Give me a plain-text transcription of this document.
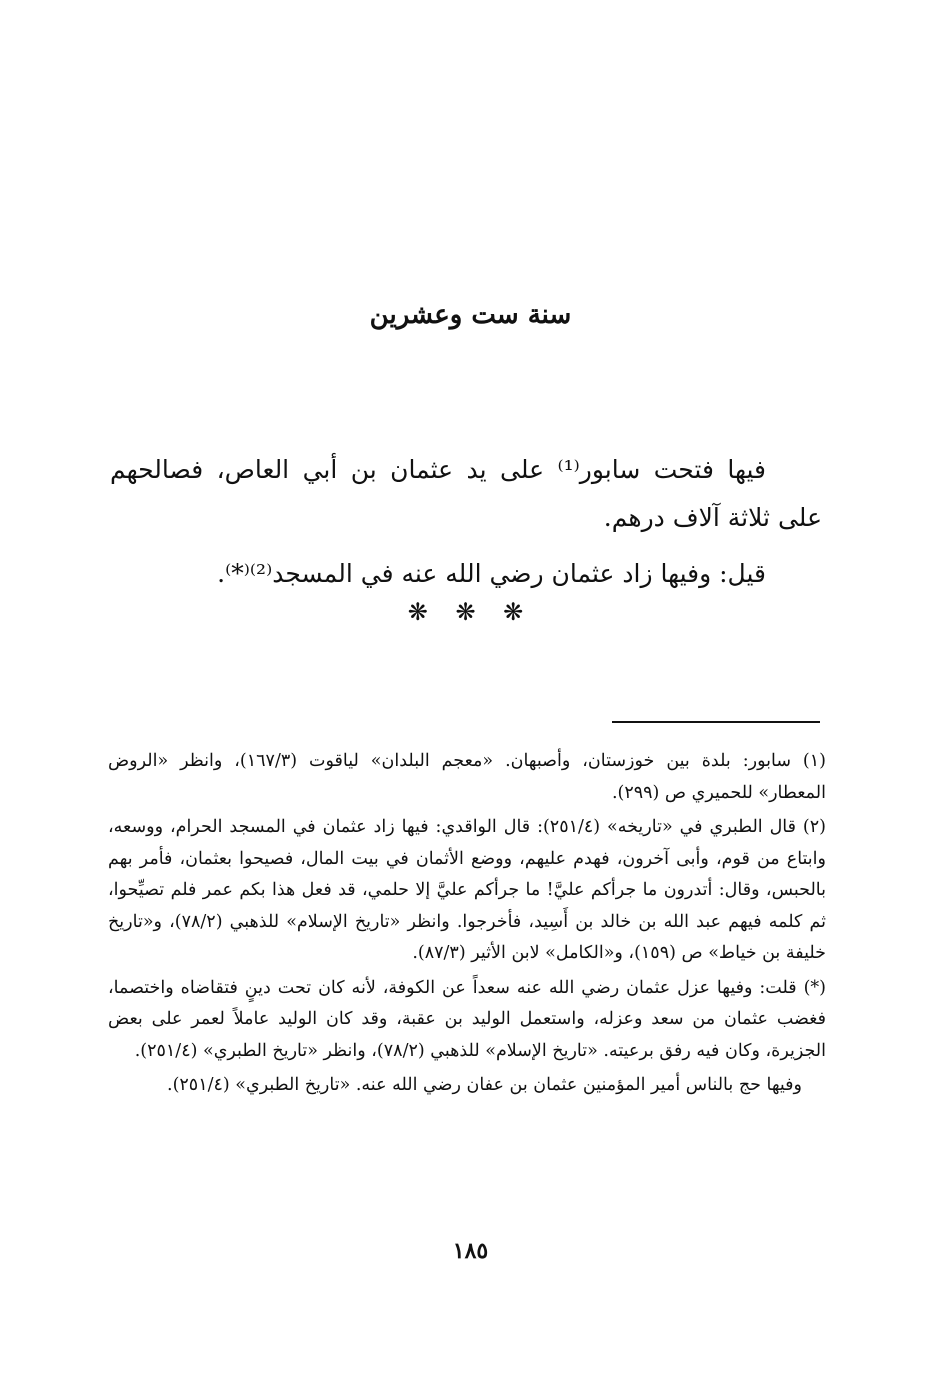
سنة ست وعشرين

فيها فتحت سابور⁽¹⁾ على يد عثمان بن أبي العاص، فصالحهم على ثلاثة آلاف درهم.

قيل: وفيها زاد عثمان رضي الله عنه في المسجد⁽²⁾⁽*⁾.

❋ ❋ ❋

(١) سابور: بلدة بين خوزستان، وأصبهان. «معجم البلدان» لياقوت (١٦٧/٣)، وانظر «الروض المعطار» للحميري ص (٢٩٩).

(٢) قال الطبري في «تاريخه» (٢٥١/٤): قال الواقدي: فيها زاد عثمان في المسجد الحرام، ووسعه، وابتاع من قوم، وأبى آخرون، فهدم عليهم، ووضع الأثمان في بيت المال، فصيحوا بعثمان، فأمر بهم بالحبس، وقال: أتدرون ما جرأكم عليَّ! ما جرأكم عليَّ إلا حلمي، قد فعل هذا بكم عمر فلم تصيِّحوا، ثم كلمه فيهم عبد الله بن خالد بن أَسِيد، فأخرجوا. وانظر «تاريخ الإسلام» للذهبي (٧٨/٢)، و«تاريخ خليفة بن خياط» ص (١٥٩)، و«الكامل» لابن الأثير (٨٧/٣).

(*) قلت: وفيها عزل عثمان رضي الله عنه سعداً عن الكوفة، لأنه كان تحت دينٍ فتقاضاه واختصما، فغضب عثمان من سعد وعزله، واستعمل الوليد بن عقبة، وقد كان الوليد عاملاً لعمر على بعض الجزيرة، وكان فيه رفق برعيته. «تاريخ الإسلام» للذهبي (٧٨/٢)، وانظر «تاريخ الطبري» (٢٥١/٤).

وفيها حج بالناس أمير المؤمنين عثمان بن عفان رضي الله عنه. «تاريخ الطبري» (٢٥١/٤).

١٨٥
